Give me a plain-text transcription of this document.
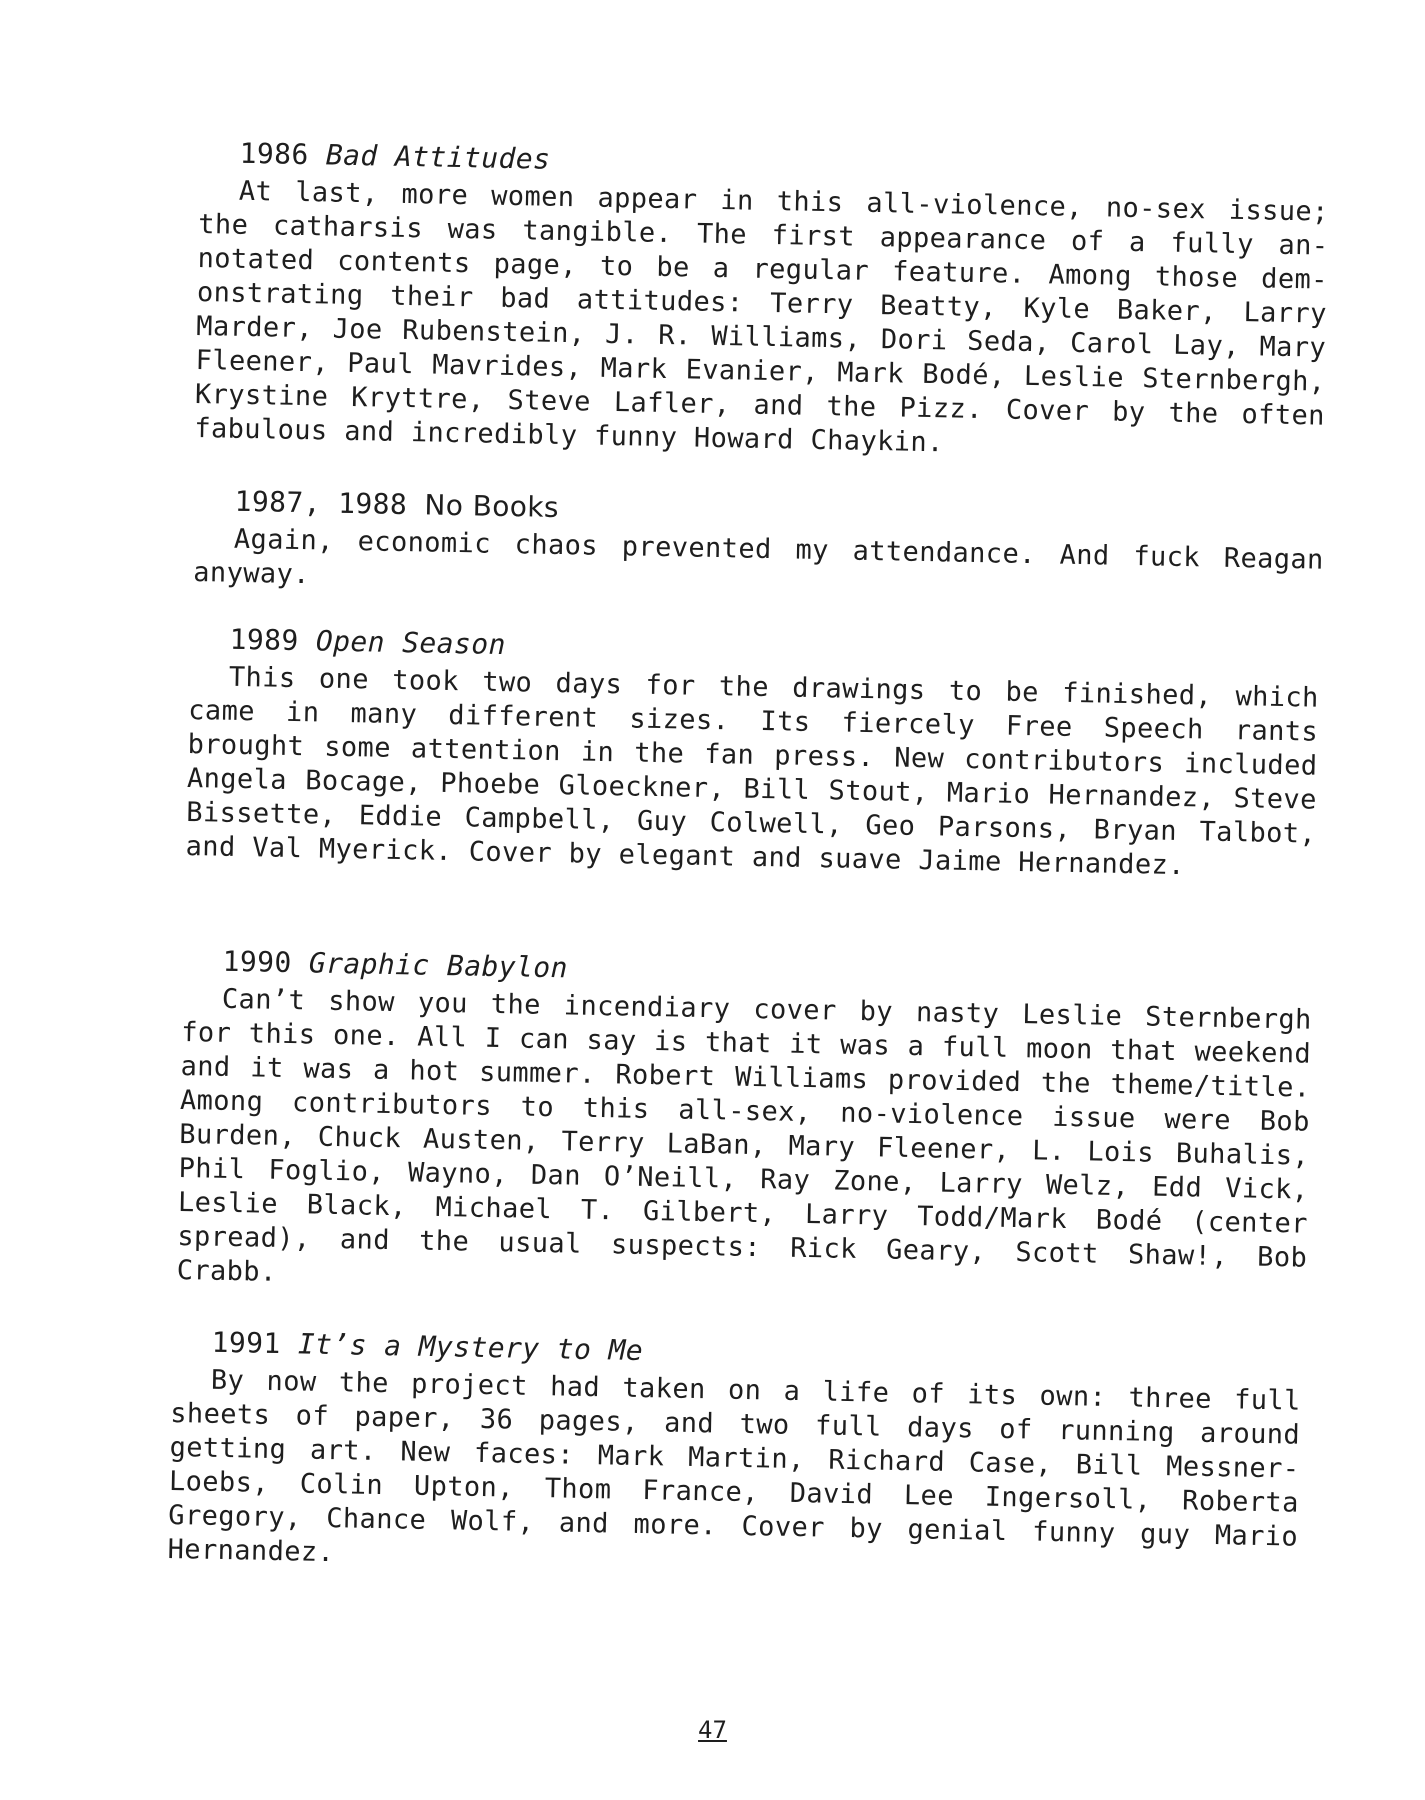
1986 Bad Attitudes

At last, more women appear in this all-violence, no-sex issue; the catharsis was tangible. The first appearance of a fully annotated contents page, to be a regular feature. Among those demonstrating their bad attitudes: Terry Beatty, Kyle Baker, Larry Marder, Joe Rubenstein, J. R. Williams, Dori Seda, Carol Lay, Mary Fleener, Paul Mavrides, Mark Evanier, Mark Bodé, Leslie Sternbergh, Krystine Kryttre, Steve Lafler, and the Pizz. Cover by the often fabulous and incredibly funny Howard Chaykin.

1987, 1988 No Books

Again, economic chaos prevented my attendance. And fuck Reagan anyway.

1989 Open Season

This one took two days for the drawings to be finished, which came in many different sizes. Its fiercely Free Speech rants brought some attention in the fan press. New contributors included Angela Bocage, Phoebe Gloeckner, Bill Stout, Mario Hernandez, Steve Bissette, Eddie Campbell, Guy Colwell, Geo Parsons, Bryan Talbot, and Val Myerick. Cover by elegant and suave Jaime Hernandez.

1990 Graphic Babylon

Can’t show you the incendiary cover by nasty Leslie Sternbergh for this one. All I can say is that it was a full moon that weekend and it was a hot summer. Robert Williams provided the theme/title. Among contributors to this all-sex, no-violence issue were Bob Burden, Chuck Austen, Terry LaBan, Mary Fleener, L. Lois Buhalis, Phil Foglio, Wayno, Dan O’Neill, Ray Zone, Larry Welz, Edd Vick, Leslie Black, Michael T. Gilbert, Larry Todd/Mark Bodé (center spread), and the usual suspects: Rick Geary, Scott Shaw!, Bob Crabb.

1991 It’s a Mystery to Me

By now the project had taken on a life of its own: three full sheets of paper, 36 pages, and two full days of running around getting art. New faces: Mark Martin, Richard Case, Bill Messner-Loebs, Colin Upton, Thom France, David Lee Ingersoll, Roberta Gregory, Chance Wolf, and more. Cover by genial funny guy Mario Hernandez.

47
